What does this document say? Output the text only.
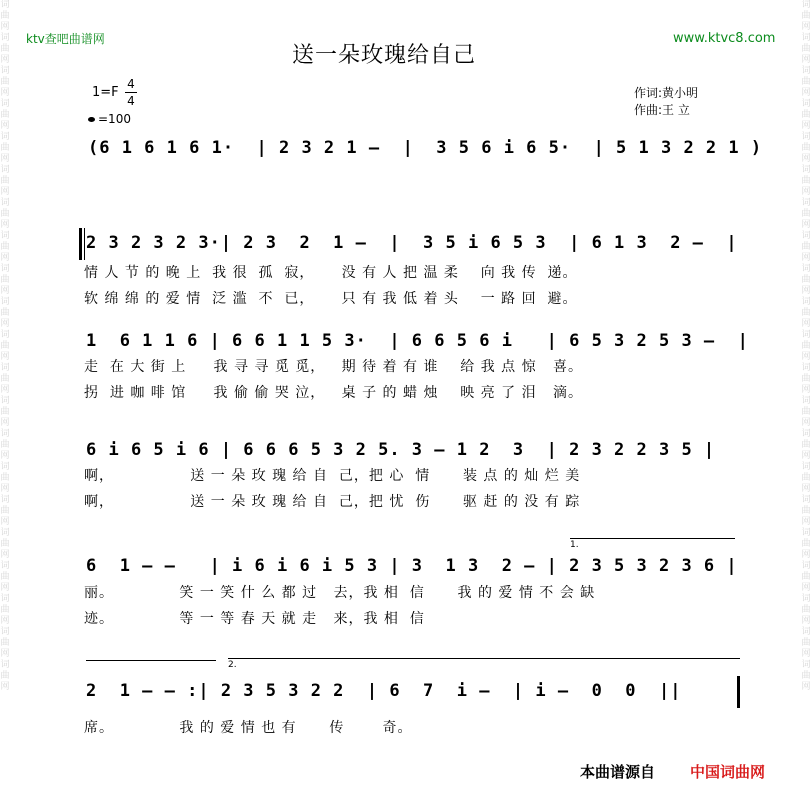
词曲网词曲网词曲网词曲网词曲网词曲网词曲网词曲网词曲网词曲网词曲网词曲网词曲网词曲网词曲网词曲网词曲网词曲网词曲网词曲网词曲网
词曲网词曲网词曲网词曲网词曲网词曲网词曲网词曲网词曲网词曲网词曲网词曲网词曲网词曲网词曲网词曲网词曲网词曲网词曲网词曲网词曲网
ktv查吧曲谱网	www.ktvc8.com
送一朵玫瑰给自己
1=F
4
4
=100
作词:黄小明
作曲:王 立
(6 1 6 1 6 1·  | 2 3 2 1 –  |  3 5 6 i 6 5·  | 5 1 3 2 2 1 )
2 3 2 3 2 3·| 2 3  2  1 –  |  3 5 i 6 5 3  | 6 1 3  2 –  |
情 人 节 的 晚 上  我 很  孤  寂，     没 有 人 把 温 柔    向 我 传  递。
软 绵 绵 的 爱 情  泛 滥  不  已，     只 有 我 低 着 头    一 路 回  避。
1  6 1 1 6 | 6 6 1 1 5 3·  | 6 6 5 6 i   | 6 5 3 2 5 3 –  |
走  在 大 街 上     我 寻 寻 觅 觅，   期 待 着 有 谁    给 我 点 惊   喜。
拐  进 咖 啡 馆     我 偷 偷 哭 泣，   桌 子 的 蜡 烛    映 亮 了 泪   滴。
6 i 6 5 i 6 | 6 6 6 5 3 2 5. 3 – 1 2  3  | 2 3 2 2 3 5 |
啊，              送 一 朵 玫 瑰 给 自  己，把 心  情      装 点 的 灿 烂 美
啊，              送 一 朵 玫 瑰 给 自  己，把 忧  伤      驱 赶 的 没 有 踪
1.
6  1 – –   | i 6 i 6 i 5 3 | 3  1 3  2 – | 2 3 5 3 2 3 6 |
丽。            笑 一 笑 什 么 都 过   去，我 相  信      我 的 爱 情 不 会 缺
迹。            等 一 等 春 天 就 走   来，我 相  信
2.
2  1 – – :| 2 3 5 3 2 2  | 6  7  i –  | i –  0  0  ||
席。            我 的 爱 情 也 有      传       奇。
本曲谱源自 中国词曲网
